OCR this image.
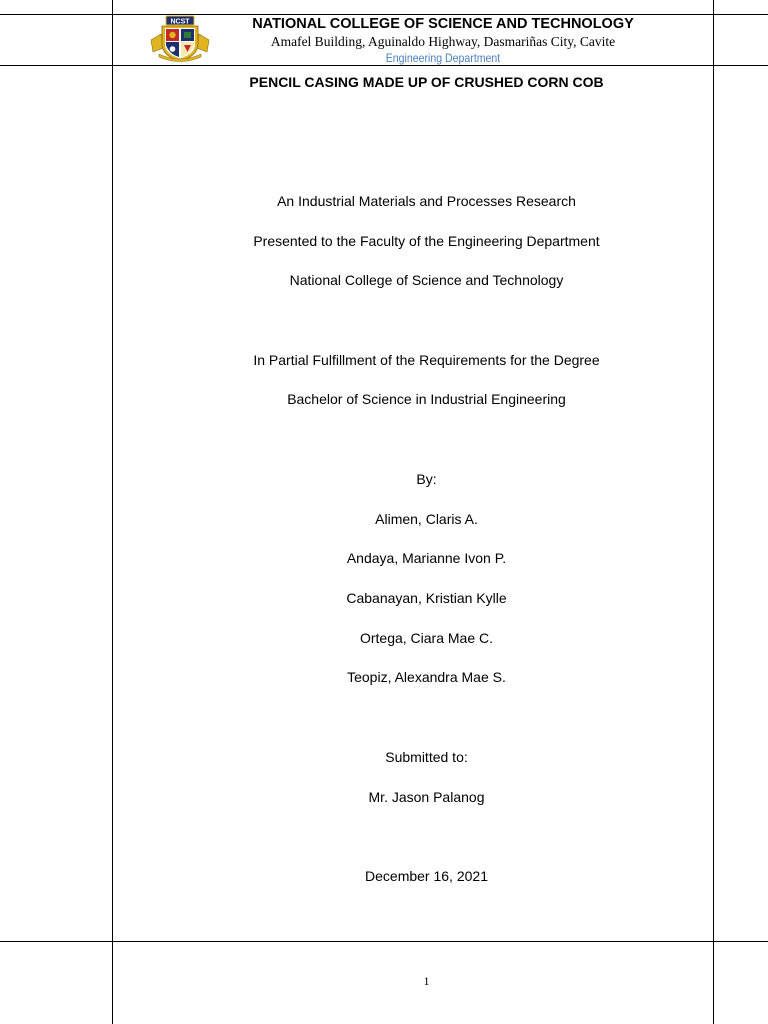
NCST	NATIONAL COLLEGE OF SCIENCE AND TECHNOLOGY
Amafel Building, Aguinaldo Highway, Dasmariñas City, Cavite
Engineering Department
PENCIL CASING MADE UP OF CRUSHED CORN COB
An Industrial Materials and Processes Research
Presented to the Faculty of the Engineering Department
National College of Science and Technology
In Partial Fulfillment of the Requirements for the Degree
Bachelor of Science in Industrial Engineering
By:
Alimen, Claris A.
Andaya, Marianne Ivon P.
Cabanayan, Kristian Kylle
Ortega, Ciara Mae C.
Teopiz, Alexandra Mae S.
Submitted to:
Mr. Jason Palanog
December 16, 2021
1
